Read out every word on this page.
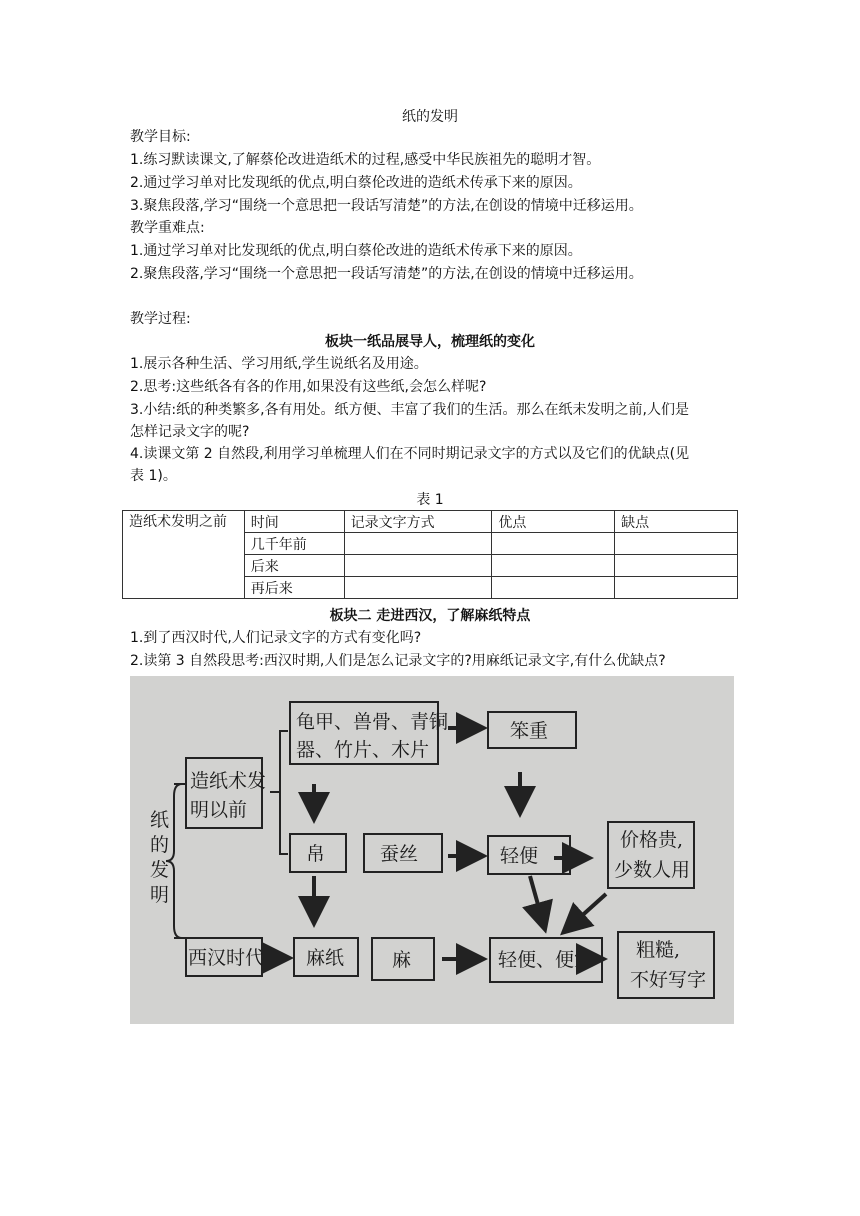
纸的发明
教学目标:
1.练习默读课文,了解蔡伦改进造纸术的过程,感受中华民族祖先的聪明才智。
2.通过学习单对比发现纸的优点,明白蔡伦改进的造纸术传承下来的原因。
3.聚焦段落,学习“围绕一个意思把一段话写清楚”的方法,在创设的情境中迁移运用。
教学重难点:
1.通过学习单对比发现纸的优点,明白蔡伦改进的造纸术传承下来的原因。
2.聚焦段落,学习“围绕一个意思把一段话写清楚”的方法,在创设的情境中迁移运用。
教学过程:
板块一纸品展导人，梳理纸的变化
1.展示各种生活、学习用纸,学生说纸名及用途。
2.思考:这些纸各有各的作用,如果没有这些纸,会怎么样呢?
3.小结:纸的种类繁多,各有用处。纸方便、丰富了我们的生活。那么在纸未发明之前,人们是
怎样记录文字的呢?
4.读课文第 2 自然段,利用学习单梳理人们在不同时期记录文字的方式以及它们的优缺点(见
表 1)。
表 1
造纸术发明之前	时间	记录文字方式	优点	缺点
	几千年前			
	后来			
	再后来			
板块二 走进西汉，了解麻纸特点
1.到了西汉时代,人们记录文字的方式有变化吗?
2.读第 3 自然段思考:西汉时期,人们是怎么记录文字的?用麻纸记录文字,有什么优缺点?
纸
的
发
明
造纸术发
明以前
龟甲、兽骨、青铜
器、竹片、木片
笨重
帛	蚕丝	轻便
价格贵,
少数人用
西汉时代 麻纸	麻	轻便、便宜 粗糙,
不好写字
